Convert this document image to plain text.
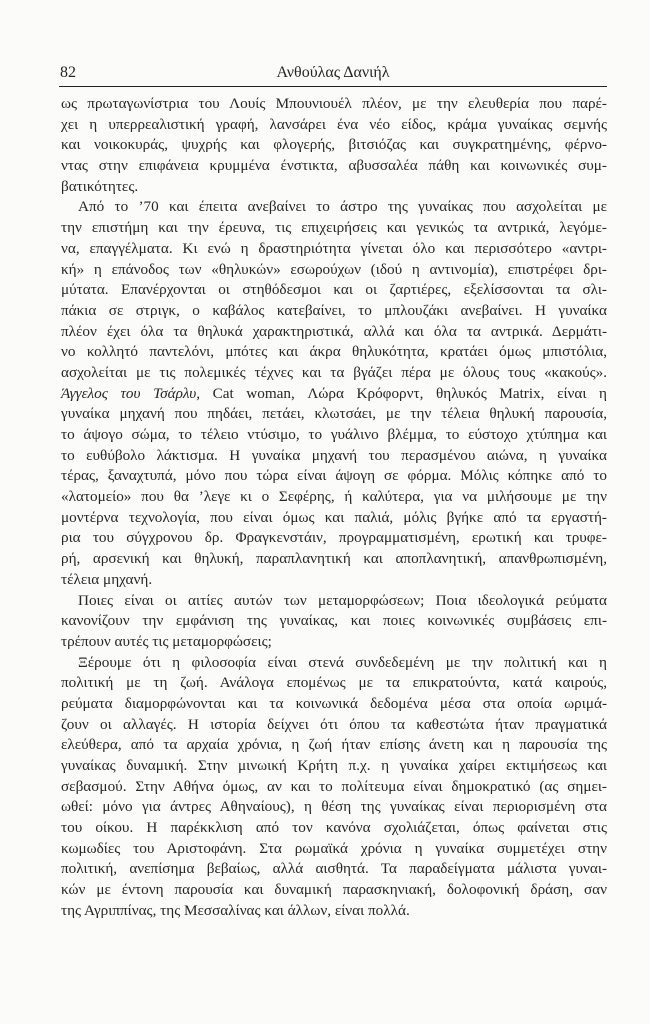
82	Ανθούλας Δανιήλ
ως πρωταγωνίστρια του Λουίς Μπουνιουέλ πλέον, με την ελευθερία που παρέ-
χει η υπερρεαλιστική γραφή, λανσάρει ένα νέο είδος, κράμα γυναίκας σεμνής
και νοικοκυράς, ψυχρής και φλογερής, βιτσιόζας και συγκρατημένης, φέρνο-
ντας στην επιφάνεια κρυμμένα ένστικτα, αβυσσαλέα πάθη και κοινωνικές συμ-
βατικότητες.
Από το ’70 και έπειτα ανεβαίνει το άστρο της γυναίκας που ασχολείται με
την επιστήμη και την έρευνα, τις επιχειρήσεις και γενικώς τα αντρικά, λεγόμε-
να, επαγγέλματα. Κι ενώ η δραστηριότητα γίνεται όλο και περισσότερο «αντρι-
κή» η επάνοδος των «θηλυκών» εσωρούχων (ιδού η αντινομία), επιστρέφει δρι-
μύτατα. Επανέρχονται οι στηθόδεσμοι και οι ζαρτιέρες, εξελίσσονται τα σλι-
πάκια σε στριγκ, ο καβάλος κατεβαίνει, το μπλουζάκι ανεβαίνει. Η γυναίκα
πλέον έχει όλα τα θηλυκά χαρακτηριστικά, αλλά και όλα τα αντρικά. Δερμάτι-
νο κολλητό παντελόνι, μπότες και άκρα θηλυκότητα, κρατάει όμως μπιστόλια,
ασχολείται με τις πολεμικές τέχνες και τα βγάζει πέρα με όλους τους «κακούς».
Άγγελος του Τσάρλυ, Cat woman, Λώρα Κρόφορντ, θηλυκός Matrix, είναι η
γυναίκα μηχανή που πηδάει, πετάει, κλωτσάει, με την τέλεια θηλυκή παρουσία,
το άψογο σώμα, το τέλειο ντύσιμο, το γυάλινο βλέμμα, το εύστοχο χτύπημα και
το ευθύβολο λάκτισμα. Η γυναίκα μηχανή του περασμένου αιώνα, η γυναίκα
τέρας, ξαναχτυπά, μόνο που τώρα είναι άψογη σε φόρμα. Μόλις κόπηκε από το
«λατομείο» που θα ’λεγε κι ο Σεφέρης, ή καλύτερα, για να μιλήσουμε με την
μοντέρνα τεχνολογία, που είναι όμως και παλιά, μόλις βγήκε από τα εργαστή-
ρια του σύγχρονου δρ. Φραγκενστάιν, προγραμματισμένη, ερωτική και τρυφε-
ρή, αρσενική και θηλυκή, παραπλανητική και αποπλανητική, απανθρωπισμένη,
τέλεια μηχανή.
Ποιες είναι οι αιτίες αυτών των μεταμορφώσεων; Ποια ιδεολογικά ρεύματα
κανονίζουν την εμφάνιση της γυναίκας, και ποιες κοινωνικές συμβάσεις επι-
τρέπουν αυτές τις μεταμορφώσεις;
Ξέρουμε ότι η φιλοσοφία είναι στενά συνδεδεμένη με την πολιτική και η
πολιτική με τη ζωή. Ανάλογα επομένως με τα επικρατούντα, κατά καιρούς,
ρεύματα διαμορφώνονται και τα κοινωνικά δεδομένα μέσα στα οποία ωριμά-
ζουν οι αλλαγές. Η ιστορία δείχνει ότι όπου τα καθεστώτα ήταν πραγματικά
ελεύθερα, από τα αρχαία χρόνια, η ζωή ήταν επίσης άνετη και η παρουσία της
γυναίκας δυναμική. Στην μινωική Κρήτη π.χ. η γυναίκα χαίρει εκτιμήσεως και
σεβασμού. Στην Αθήνα όμως, αν και το πολίτευμα είναι δημοκρατικό (ας σημει-
ωθεί: μόνο για άντρες Αθηναίους), η θέση της γυναίκας είναι περιορισμένη στα
του οίκου. Η παρέκκλιση από τον κανόνα σχολιάζεται, όπως φαίνεται στις
κωμωδίες του Αριστοφάνη. Στα ρωμαϊκά χρόνια η γυναίκα συμμετέχει στην
πολιτική, ανεπίσημα βεβαίως, αλλά αισθητά. Τα παραδείγματα μάλιστα γυναι-
κών με έντονη παρουσία και δυναμική παρασκηνιακή, δολοφονική δράση, σαν
της Αγριππίνας, της Μεσσαλίνας και άλλων, είναι πολλά.
